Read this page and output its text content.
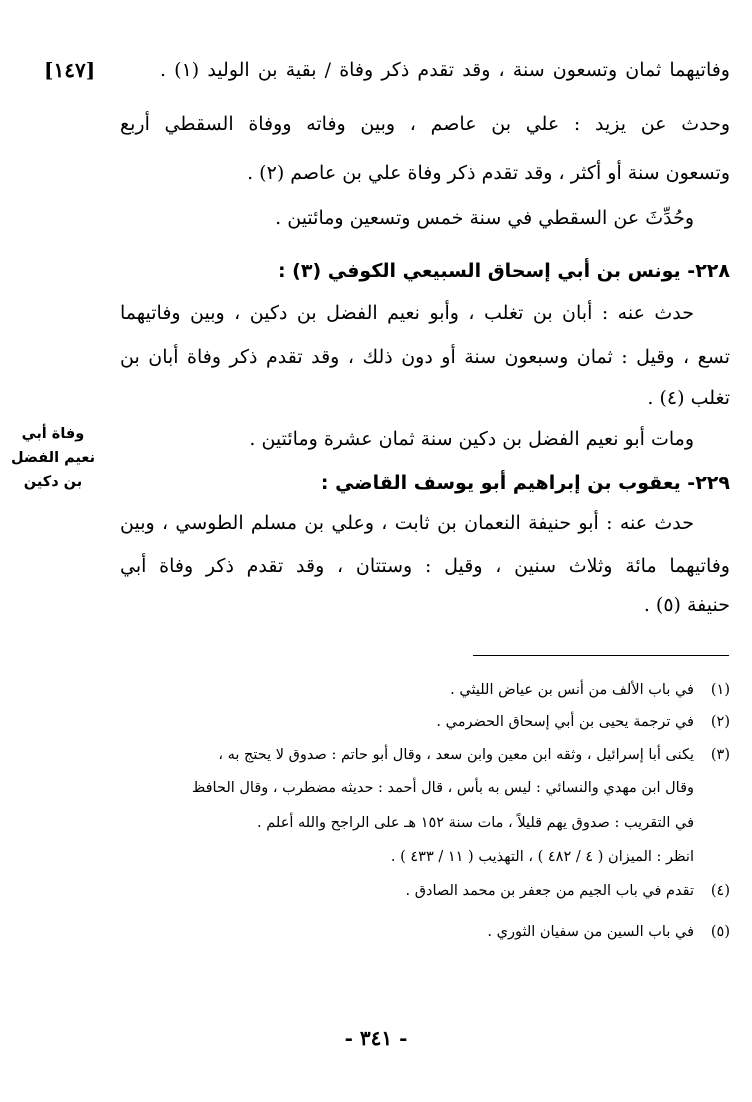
[١٤٧]	وفاتيهما ثمان وتسعون سنة ، وقد تقدم ذكر وفاة / بقية بن الوليد (١) .
وحدث عن يزيد : علي بن عاصم ، وبين وفاته ووفاة السقطي أربع
وتسعون سنة أو أكثر ، وقد تقدم ذكر وفاة علي بن عاصم (٢) .
وحُدِّثَ عن السقطي في سنة خمس وتسعين ومائتين .
٢٢٨- يونس بن أبي إسحاق السبيعي الكوفي (٣) :
حدث عنه : أبان بن تغلب ، وأبو نعيم الفضل بن دكين ، وبين وفاتيهما
تسع ، وقيل : ثمان وسبعون سنة أو دون ذلك ، وقد تقدم ذكر وفاة أبان بن
تغلب (٤) .
ومات أبو نعيم الفضل بن دكين سنة ثمان عشرة ومائتين .
وفاة أبي نعيم الفضل بن دكين	٢٢٩- يعقوب بن إبراهيم أبو يوسف القاضي :
حدث عنه : أبو حنيفة النعمان بن ثابت ، وعلي بن مسلم الطوسي ، وبين
وفاتيهما مائة وثلاث سنين ، وقيل : وستتان ، وقد تقدم ذكر وفاة أبي
حنيفة (٥) .
(١)في باب الألف من أنس بن عياض الليثي .
(٢)في ترجمة يحيى بن أبي إسحاق الحضرمي .
(٣)يكنى أبا إسرائيل ، وثقه ابن معين وابن سعد ، وقال أبو حاتم : صدوق لا يحتج به ،
وقال ابن مهدي والنسائي : ليس به بأس ، قال أحمد : حديثه مضطرب ، وقال الحافظ
في التقريب : صدوق يهم قليلاً ، مات سنة ١٥٢ هـ على الراجح والله أعلم .
انظر : الميزان ( ٤ / ٤٨٢ ) ، التهذيب ( ١١ / ٤٣٣ ) .
(٤)تقدم في باب الجيم من جعفر بن محمد الصادق .
(٥)في باب السين من سفيان الثوري .
- ٣٤١ -
